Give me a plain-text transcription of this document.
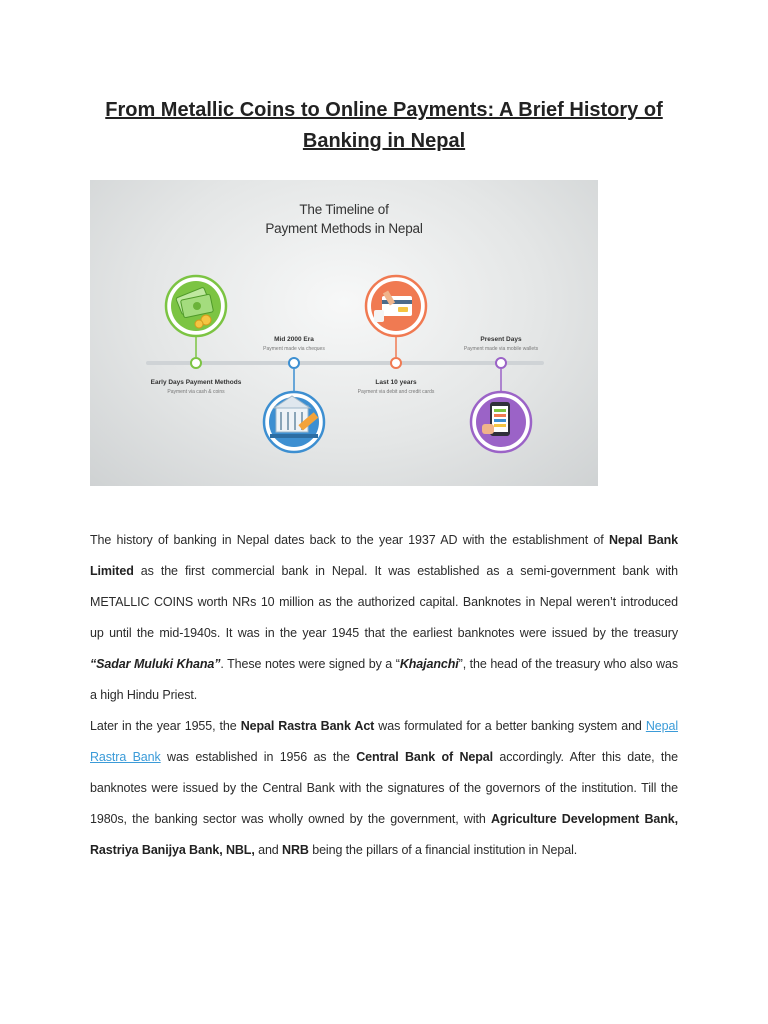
From Metallic Coins to Online Payments: A Brief History of Banking in Nepal
The Timeline of
Payment Methods in Nepal
Early Days Payment Methods
Payment via cash & coins
Mid 2000 Era
Payment made via cheques
Last 10 years
Payment via debit and credit cards
Present Days
Payment made via mobile wallets

The history of banking in Nepal dates back to the year 1937 AD with the establishment of Nepal Bank Limited as the first commercial bank in Nepal. It was established as a semi-government bank with METALLIC COINS worth NRs 10 million as the authorized capital. Banknotes in Nepal weren’t introduced up until the mid-1940s. It was in the year 1945 that the earliest banknotes were issued by the treasury “Sadar Muluki Khana”. These notes were signed by a “Khajanchi”, the head of the treasury who also was a high Hindu Priest.

Later in the year 1955, the Nepal Rastra Bank Act was formulated for a better banking system and Nepal Rastra Bank was established in 1956 as the Central Bank of Nepal accordingly. After this date, the banknotes were issued by the Central Bank with the signatures of the governors of the institution. Till the 1980s, the banking sector was wholly owned by the government, with Agriculture Development Bank, Rastriya Banijya Bank, NBL, and NRB being the pillars of a financial institution in Nepal.
